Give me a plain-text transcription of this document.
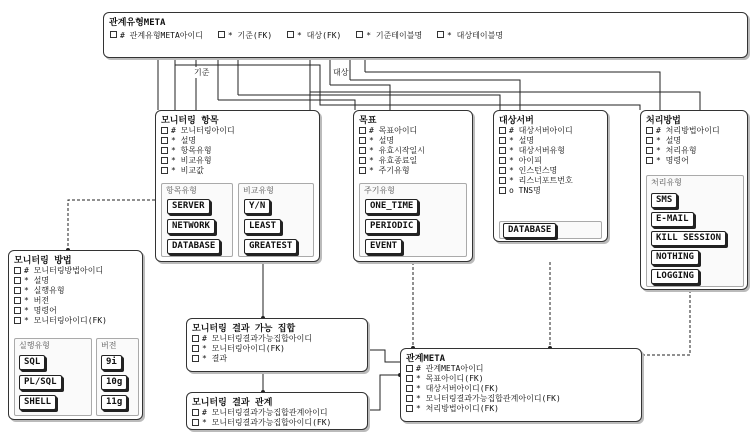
기준	대상
관계유형META
# 관계유형META아이디	* 기준(FK)	* 대상(FK)	* 기준테이블명	* 대상테이블명
모니터링 항목
# 모니터링아이디
* 설명
* 항목유형
* 비교유형
* 비교값
항목유형	비교유형
SERVER
NETWORK
DATABASE
Y/N
LEAST
GREATEST
목표
# 목표아이디
* 설명
* 유효시작일시
* 유효종료일
* 주기유형
주기유형
ONE_TIME
PERIODIC
EVENT
대상서버
# 대상서버아이디
* 설명
* 대상서버유형
* 아이피
* 인스턴스명
* 리스너포트번호
o TNS명
DATABASE
처리방법
# 처리방법아이디
* 설명
* 처리유형
* 명령어
처리유형
SMS
E-MAIL
KILL SESSION
NOTHING
LOGGING
모니터링 방법
# 모니터링방법아이디
* 설명
* 실행유형
* 버전
* 명령어
* 모니터링아이디(FK)
실행유형	버전
SQL
PL/SQL
SHELL
9i
10g
11g
모니터링 결과 가능 집합
# 모니터링결과가능집합아이디
* 모니터링아이디(FK)
* 결과
모니터링 결과 관계
# 모니터링결과가능집합관계아이디
* 모니터링결과가능집합아이디(FK)
관계META
# 관계META아이디
* 목표아이디(FK)
* 대상서버아이디(FK)
* 모니터링결과가능집합관계아이디(FK)
* 처리방법아이디(FK)
